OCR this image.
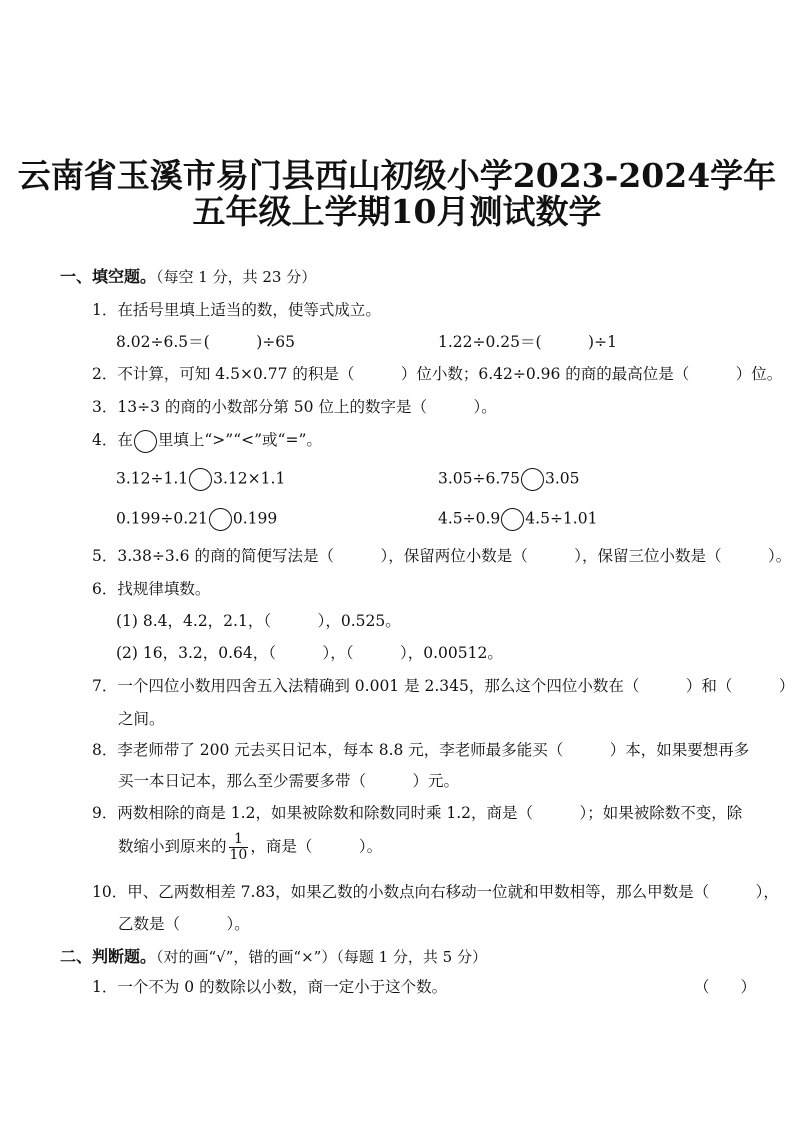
云南省玉溪市易门县西山初级小学2023-2024学年
五年级上学期10月测试数学
一、填空题。（每空 1 分，共 23 分）
1．在括号里填上适当的数，使等式成立。
8.02÷6.5＝(　　　)÷65	1.22÷0.25＝(　　　)÷1
2．不计算，可知 4.5×0.77 的积是（　　　）位小数；6.42÷0.96 的商的最高位是（　　　）位。
3．13÷3 的商的小数部分第 50 位上的数字是（　　　）。
4．在 里填上“>”“<”或“=”。
3.12÷1.1 3.12×1.1	3.05÷6.75 3.05
0.199÷0.21 0.199	4.5÷0.9 4.5÷1.01
5．3.38÷3.6 的商的简便写法是（　　　），保留两位小数是（　　　），保留三位小数是（　　　）。
6．找规律填数。
(1) 8.4，4.2，2.1，（　　　），0.525。
(2) 16，3.2，0.64，（　　　），（　　　），0.00512。
7．一个四位小数用四舍五入法精确到 0.001 是 2.345，那么这个四位小数在（　　　）和（　　　）
之间。
8．李老师带了 200 元去买日记本，每本 8.8 元，李老师最多能买（　　　）本，如果要想再多
买一本日记本，那么至少需要多带（　　　）元。
9．两数相除的商是 1.2，如果被除数和除数同时乘 1.2，商是（　　　）；如果被除数不变，除
数缩小到原来的 $\frac{1}{10}$ ，商是（　　　）。
10．甲、乙两数相差 7.83，如果乙数的小数点向右移动一位就和甲数相等，那么甲数是（　　　），
乙数是（　　　）。
二、判断题。（对的画“√”，错的画“×”）（每题 1 分，共 5 分）
1．一个不为 0 的数除以小数，商一定小于这个数。	（　　）
